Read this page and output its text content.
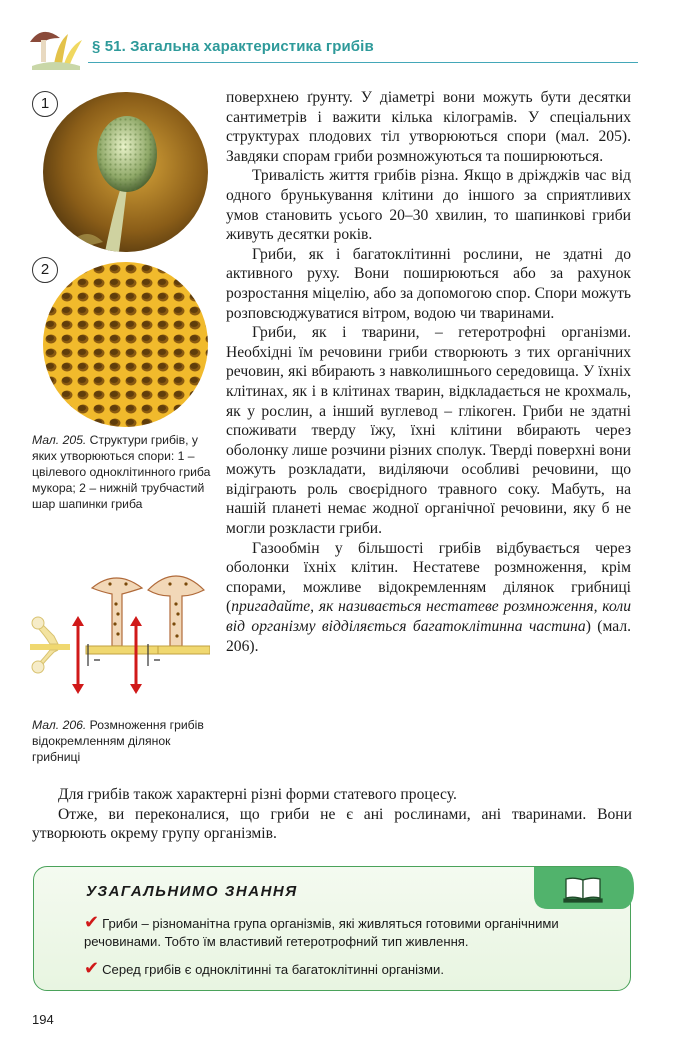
§ 51. Загальна характеристика грибів
1
2
Мал. 205. Структури грибів, у яких утворюються спори: 1 – цвілевого одноклітинного гриба мукора; 2 – нижній трубчастий шар шапинки гриба
Мал. 206. Розмноження грибів відокремленням ділянок грибниці

поверхнею ґрунту. У діаметрі вони можуть бути десятки сантиметрів і важити кілька кілограмів. У спеціальних структурах плодових тіл утворюються спори (мал. 205). Завдяки спорам гриби розмножуються та поширюються.

Тривалість життя грибів різна. Якщо в дріжджів час від одного брунькування клітини до іншого за сприятливих умов становить усього 20–30 хвилин, то шапинкові гриби живуть десятки років.

Гриби, як і багатоклітинні рослини, не здатні до активного руху. Вони поширюються або за рахунок розростання міцелію, або за допомогою спор. Спори можуть розповсюджуватися вітром, водою чи тваринами.

Гриби, як і тварини, – гетеротрофні організми. Необхідні їм речовини гриби створюють з тих органічних речовин, які вбирають з навколишнього середовища. У їхніх клітинах, як і в клітинах тварин, відкладається не крохмаль, як у рослин, а інший вуглевод – глікоген. Гриби не здатні споживати тверду їжу, їхні клітини вбирають через оболонку лише розчини різних сполук. Тверді поверхні вони можуть розкладати, виділяючи особливі речовини, що відіграють роль своєрідного травного соку. Мабуть, на нашій планеті немає жодної органічної речовини, яку б не могли розкласти гриби.

Газообмін у більшості грибів відбувається через оболонки їхніх клітин. Нестатеве розмноження, крім спорами, можливе відокремленням ділянок грибниці (пригадайте, як називається нестатеве розмноження, коли від організму відділяється багатоклітинна частина) (мал. 206).

Для грибів також характерні різні форми статевого процесу.

Отже, ви переконалися, що гриби не є ані рослинами, ані тваринами. Вони утворюють окрему групу організмів.

УЗАГАЛЬНИМО ЗНАННЯ
✔ Гриби – різноманітна група організмів, які живляться готовими органічними речовинами. Тобто їм властивий гетеротрофний тип живлення.
✔ Серед грибів є одноклітинні та багатоклітинні організми.
194
